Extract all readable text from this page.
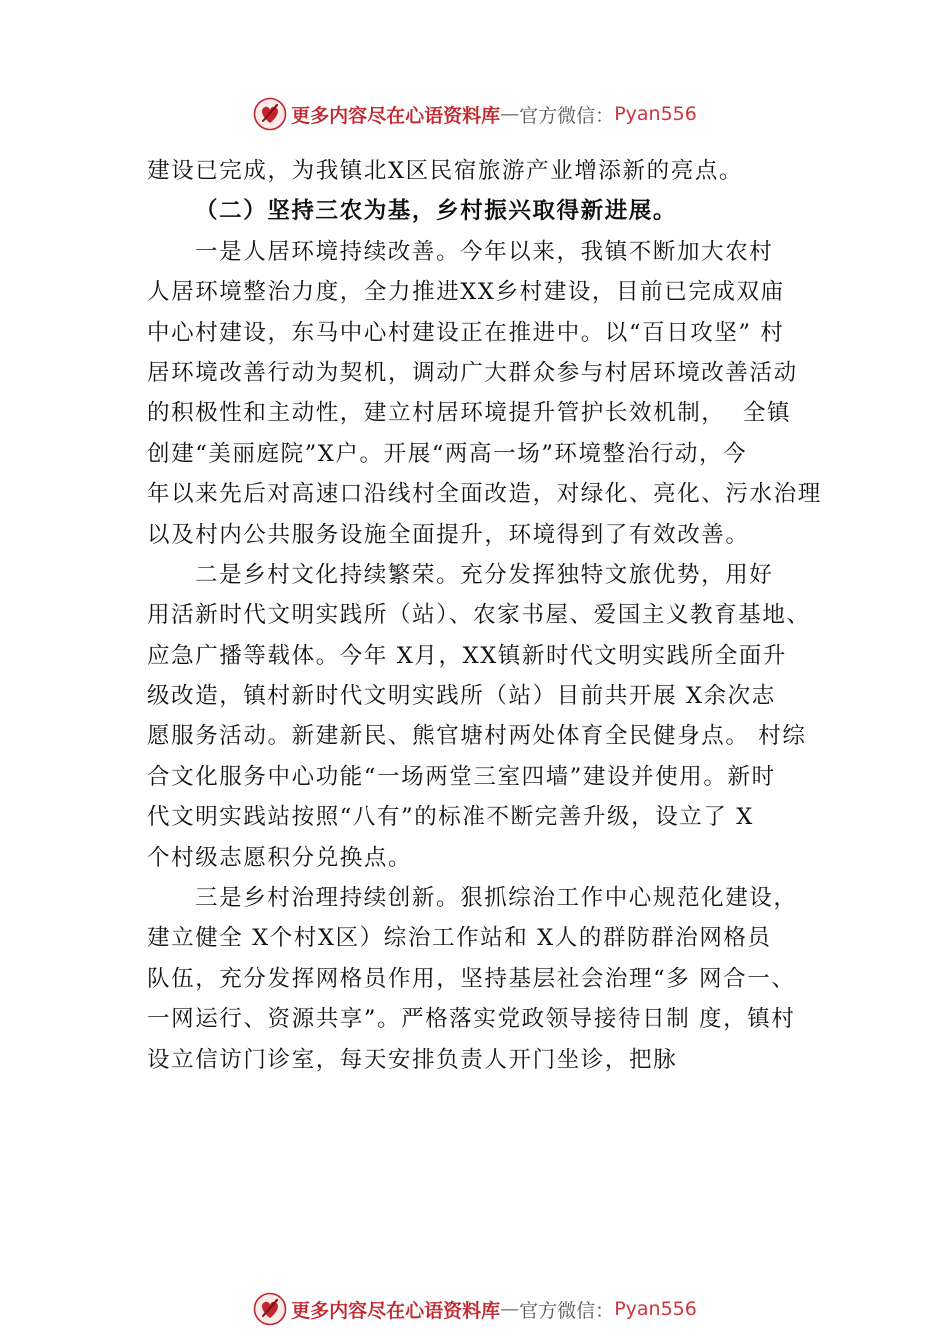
更多内容尽在心语资料库 — 官方微信 ： Pyan556
建设已完成，为我镇北X区民宿旅游产业增添新的亮点。
（二）坚持三农为基，乡村振兴取得新进展。
一是人居环境持续改善。今年以来，我镇不断加大农村
人居环境整治力度，全力推进XX乡村建设，目前已完成双庙
中心村建设，东马中心村建设正在推进中。以“百日攻坚” 村
居环境改善行动为契机，调动广大群众参与村居环境改善活动
的积极性和主动性，建立村居环境提升管护长效机制，  全镇
创建“美丽庭院”X户。开展“两高一场”环境整治行动，今
年以来先后对高速口沿线村全面改造，对绿化、亮化、污水治理
以及村内公共服务设施全面提升，环境得到了有效改善。
二是乡村文化持续繁荣。充分发挥独特文旅优势，用好
用活新时代文明实践所（站）、农家书屋、爱国主义教育基地、
应急广播等载体。今年 X月，XX镇新时代文明实践所全面升
级改造，镇村新时代文明实践所（站）目前共开展 X余次志
愿服务活动。新建新民、熊官塘村两处体育全民健身点。 村综
合文化服务中心功能“一场两堂三室四墙”建设并使用。新时
代文明实践站按照“八有”的标准不断完善升级，设立了 X
个村级志愿积分兑换点。
三是乡村治理持续创新。狠抓综治工作中心规范化建设，
建立健全 X个村X区）综治工作站和 X人的群防群治网格员
队伍，充分发挥网格员作用，坚持基层社会治理“多 网合一、
一网运行、资源共享”。严格落实党政领导接待日制 度，镇村
设立信访门诊室，每天安排负责人开门坐诊，把脉
更多内容尽在心语资料库 — 官方微信 ： Pyan556
